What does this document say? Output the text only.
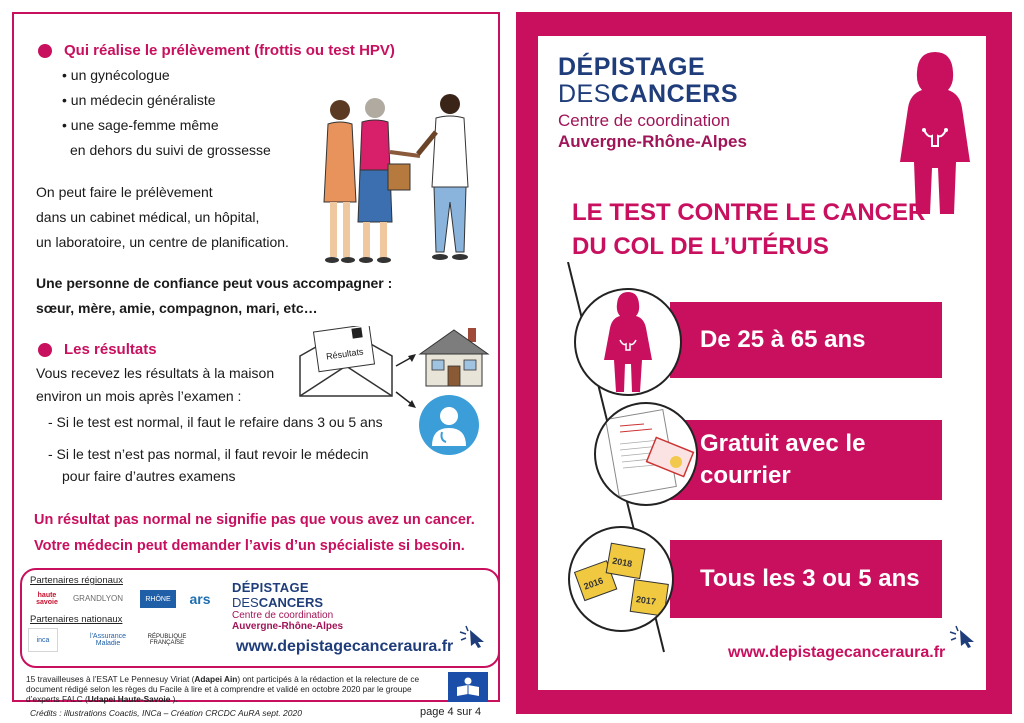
Qui réalise le prélèvement (frottis ou test HPV)
• un gynécologue
• un médecin généraliste
• une sage-femme même
en dehors du suivi de grossesse
On peut faire le prélèvement
dans un cabinet médical, un hôpital,
un laboratoire, un centre de planification.
Une personne de confiance peut vous accompagner :
sœur, mère, amie, compagnon, mari, etc…
Les résultats
Vous recevez les résultats à la maison
environ un mois après l’examen :
- Si le test est normal, il faut le refaire dans 3 ou 5 ans
- Si le test n’est pas normal, il faut revoir le médecin
pour faire d’autres examens
Résultats
Un résultat pas normal ne signifie pas que vous avez un cancer.
Votre médecin peut demander l’avis d’un spécialiste si besoin.
Partenaires régionaux
haute savoie	GRANDLYON	RHÔNE	ars
Partenaires nationaux
inca	l'Assurance Maladie
RÉPUBLIQUE FRANÇAISE
DÉPISTAGE
DESCANCERS
Centre de coordination
Auvergne-Rhône-Alpes
www.depistagecanceraura.fr
15 travailleuses à l’ESAT Le Pennesuy Viriat (Adapei Ain) ont participés à la rédaction et la relecture de ce document rédigé selon les règes du Facile à lire et à comprendre et validé en octobre 2020 par le groupe d’experts FALC (Udapei Haute-Savoie ).
Crédits : illustrations Coactis, INCa – Création CRCDC AuRA sept. 2020	page 4 sur 4
DÉPISTAGE
DESCANCERS
Centre de coordination
Auvergne-Rhône-Alpes
LE TEST CONTRE LE CANCER
DU COL DE L’UTÉRUS
De 25 à 65 ans
Gratuit avec le
courrier
Tous les 3 ou 5 ans
2016
2018
2017
www.depistagecanceraura.fr
